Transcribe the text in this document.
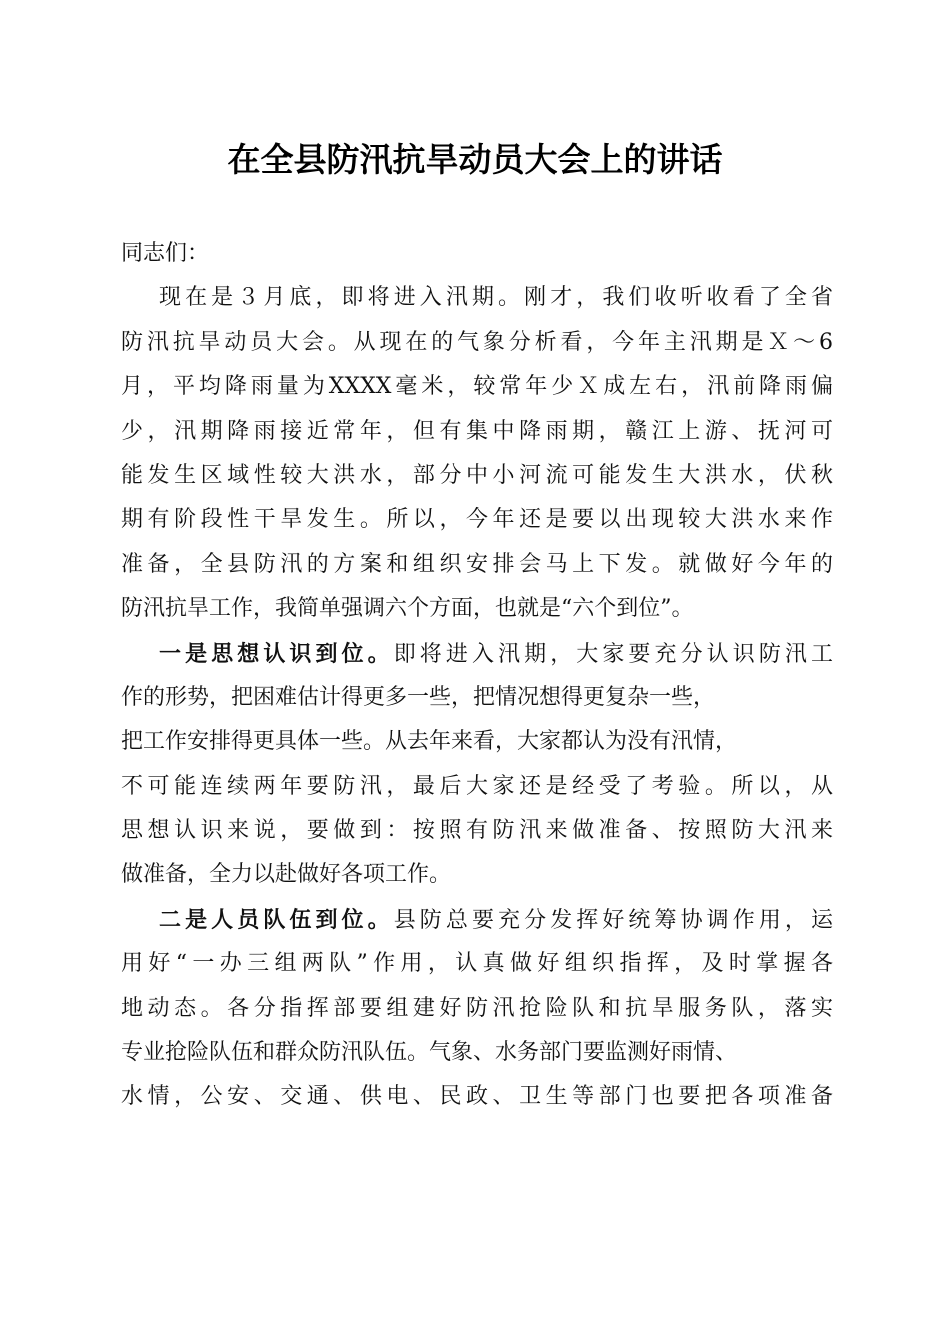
在全县防汛抗旱动员大会上的讲话
同志们：
现在是３月底，即将进入汛期。刚才，我们收听收看了全省
防汛抗旱动员大会。从现在的气象分析看，今年主汛期是Ｘ～6
月，平均降雨量为XXXX毫米，较常年少Ｘ成左右，汛前降雨偏
少，汛期降雨接近常年，但有集中降雨期，赣江上游、抚河可
能发生区域性较大洪水，部分中小河流可能发生大洪水，伏秋
期有阶段性干旱发生。所以，今年还是要以出现较大洪水来作
准备，全县防汛的方案和组织安排会马上下发。就做好今年的
防汛抗旱工作，我简单强调六个方面，也就是“六个到位”。
一是思想认识到位。即将进入汛期，大家要充分认识防汛工
作的形势，把困难估计得更多一些，把情况想得更复杂一些，
把工作安排得更具体一些。从去年来看，大家都认为没有汛情，
不可能连续两年要防汛，最后大家还是经受了考验。所以，从
思想认识来说，要做到：按照有防汛来做准备、按照防大汛来
做准备，全力以赴做好各项工作。
二是人员队伍到位。县防总要充分发挥好统筹协调作用，运
用好“一办三组两队”作用，认真做好组织指挥，及时掌握各
地动态。各分指挥部要组建好防汛抢险队和抗旱服务队，落实
专业抢险队伍和群众防汛队伍。气象、水务部门要监测好雨情、
水情，公安、交通、供电、民政、卫生等部门也要把各项准备
